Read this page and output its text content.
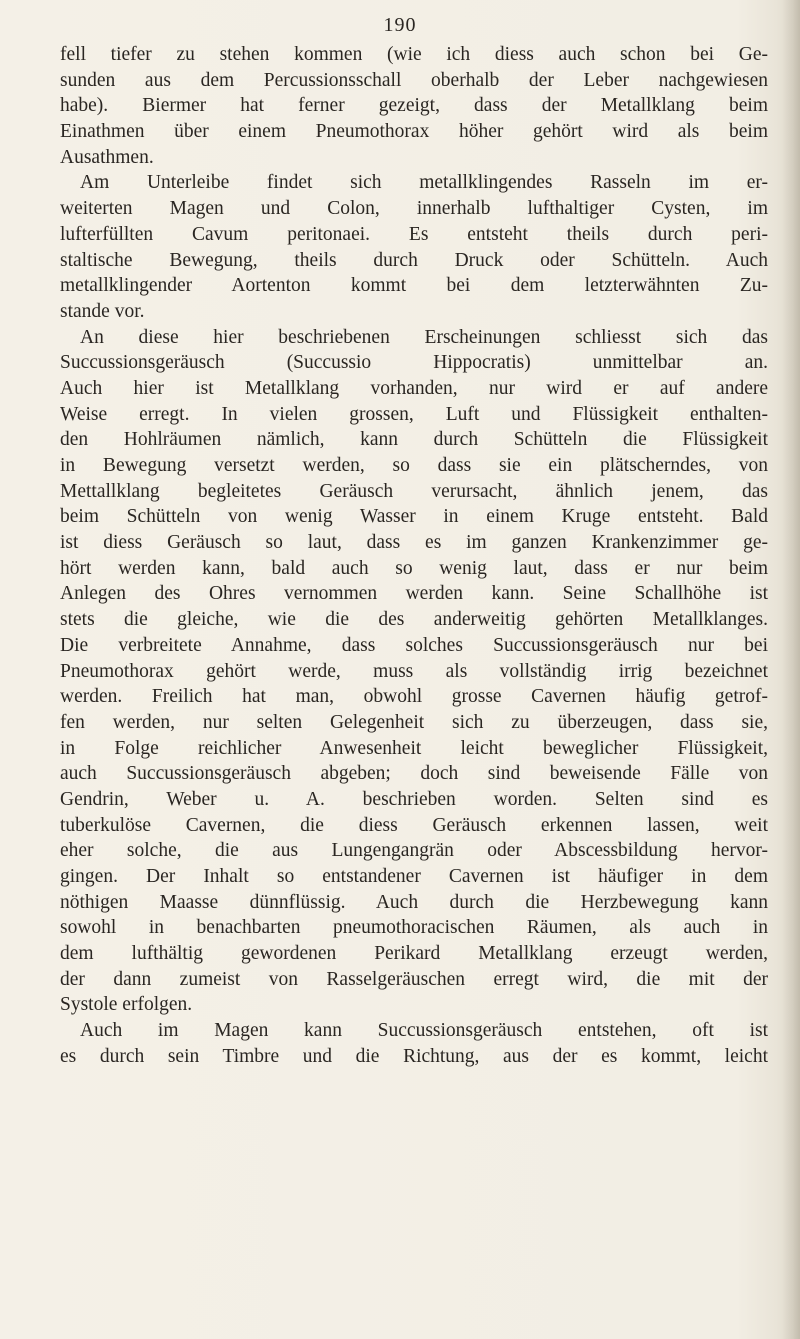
190
fell tiefer zu stehen kommen (wie ich diess auch schon bei Ge-
sunden aus dem Percussionsschall oberhalb der Leber nachgewiesen
habe). Biermer hat ferner gezeigt, dass der Metallklang beim
Einathmen über einem Pneumothorax höher gehört wird als beim
Ausathmen.
Am Unterleibe findet sich metallklingendes Rasseln im er-
weiterten Magen und Colon, innerhalb lufthaltiger Cysten, im
lufterfüllten Cavum peritonaei. Es entsteht theils durch peri-
staltische Bewegung, theils durch Druck oder Schütteln. Auch
metallklingender Aortenton kommt bei dem letzterwähnten Zu-
stande vor.
An diese hier beschriebenen Erscheinungen schliesst sich das
Succussionsgeräusch (Succussio Hippocratis) unmittelbar an.
Auch hier ist Metallklang vorhanden, nur wird er auf andere
Weise erregt. In vielen grossen, Luft und Flüssigkeit enthalten-
den Hohlräumen nämlich, kann durch Schütteln die Flüssigkeit
in Bewegung versetzt werden, so dass sie ein plätscherndes, von
Mettallklang begleitetes Geräusch verursacht, ähnlich jenem, das
beim Schütteln von wenig Wasser in einem Kruge entsteht. Bald
ist diess Geräusch so laut, dass es im ganzen Krankenzimmer ge-
hört werden kann, bald auch so wenig laut, dass er nur beim
Anlegen des Ohres vernommen werden kann. Seine Schallhöhe ist
stets die gleiche, wie die des anderweitig gehörten Metallklanges.
Die verbreitete Annahme, dass solches Succussionsgeräusch nur bei
Pneumothorax gehört werde, muss als vollständig irrig bezeichnet
werden. Freilich hat man, obwohl grosse Cavernen häufig getrof-
fen werden, nur selten Gelegenheit sich zu überzeugen, dass sie,
in Folge reichlicher Anwesenheit leicht beweglicher Flüssigkeit,
auch Succussionsgeräusch abgeben; doch sind beweisende Fälle von
Gendrin, Weber u. A. beschrieben worden. Selten sind es
tuberkulöse Cavernen, die diess Geräusch erkennen lassen, weit
eher solche, die aus Lungengangrän oder Abscessbildung hervor-
gingen. Der Inhalt so entstandener Cavernen ist häufiger in dem
nöthigen Maasse dünnflüssig. Auch durch die Herzbewegung kann
sowohl in benachbarten pneumothoracischen Räumen, als auch in
dem lufthältig gewordenen Perikard Metallklang erzeugt werden,
der dann zumeist von Rasselgeräuschen erregt wird, die mit der
Systole erfolgen.
Auch im Magen kann Succussionsgeräusch entstehen, oft ist
es durch sein Timbre und die Richtung, aus der es kommt, leicht
